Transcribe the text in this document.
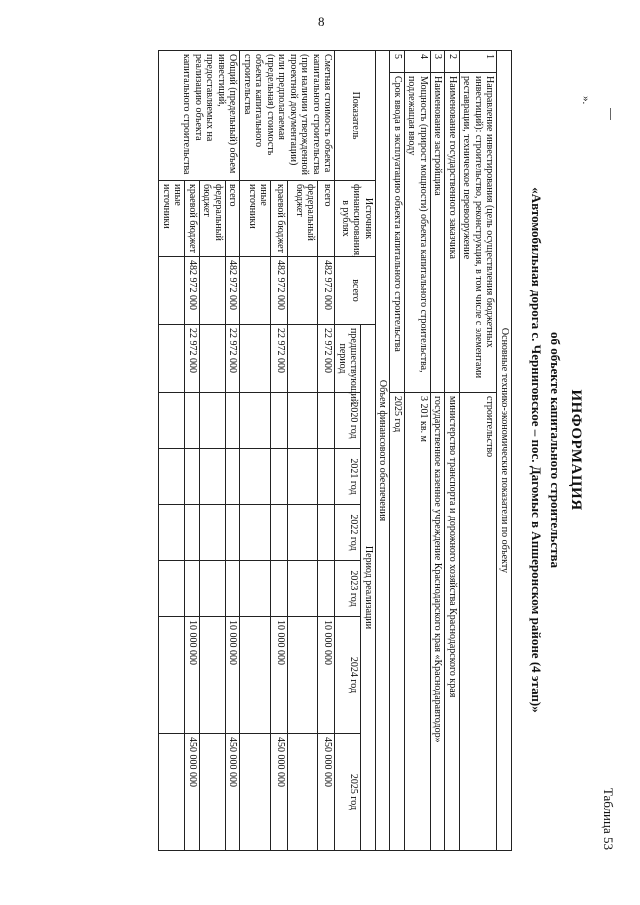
8
Таблица 53
ИНФОРМАЦИЯ
об объекте капитального строительства
«Автомобильная дорога с. Черниговское – пос. Дагомыс в Апшеронском районе (4 этап)»
Основные технико-экономические показатели по объекту										
1	Направление инвестирования (цель осуществления бюджетных инвестиций): строительство, реконструкция, в том числе с элементами реставрации, техническое перевооружение				строительство					
2	Наименование государственного заказчика				министерство транспорта и дорожного хозяйства Краснодарского края					
3	Наименование застройщика				государственное казенное учреждение Краснодарского края «Краснодаравтодор»					
4	Мощность (прирост мощности) объекта капитального строительства, подлежащая вводу				3 201 кв. м					
5	Срок ввода в эксплуатацию объекта капитального строительства				2025 год					
Объем финансового обеспечения										
Показатель		Источник финансирования, в рублях	всего	Период реализации						
				предшествующий период	2020 год	2021 год	2022 год	2023 год	2024 год	2025 год
Сметная стоимость объекта капитального строительства (при наличии утвержденной проектной документации) или предполагаемая (предельная) стоимость объекта капитального строительства		всего	482 972 000	22 972 000					10 000 000	450 000 000
		федеральный бюджет								
		краевой бюджет	482 972 000	22 972 000					10 000 000	450 000 000
		иные источники								
Общий (предельный) объем инвестиций, предоставляемых на реализацию объекта капитального строительства		всего	482 972 000	22 972 000					10 000 000	450 000 000
		федеральный бюджет								
		краевой бюджет	482 972 000	22 972 000					10 000 000	450 000 000
		иные источники								
».
